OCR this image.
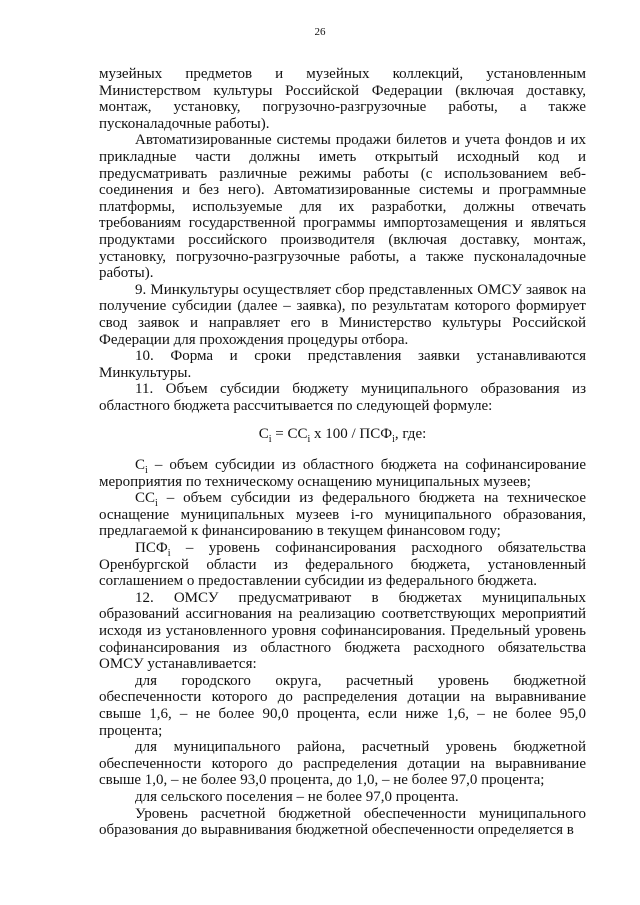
26

музейных предметов и музейных коллекций, установленным Министерством культуры Российской Федерации (включая доставку, монтаж, установку, погрузочно-разгрузочные работы, а также пусконаладочные работы).

Автоматизированные системы продажи билетов и учета фондов и их прикладные части должны иметь открытый исходный код и предусматривать различные режимы работы (с использованием веб-соединения и без него). Автоматизированные системы и программные платформы, используемые для их разработки, должны отвечать требованиям государственной программы импортозамещения и являться продуктами российского производителя (включая доставку, монтаж, установку, погрузочно-разгрузочные работы, а также пусконаладочные работы).

9. Минкультуры осуществляет сбор представленных ОМСУ заявок на получение субсидии (далее – заявка), по результатам которого формирует свод заявок и направляет его в Министерство культуры Российской Федерации для прохождения процедуры отбора.

10. Форма и сроки представления заявки устанавливаются Минкультуры.

11. Объем субсидии бюджету муниципального образования из областного бюджета рассчитывается по следующей формуле:

$С_i = СС_i$ х $100 / ПСФ_i$, где:

$С_i$ – объем субсидии из областного бюджета на софинансирование мероприятия по техническому оснащению муниципальных музеев;

$СС_i$ – объем субсидии из федерального бюджета на техническое оснащение муниципальных музеев i-го муниципального образования, предлагаемой к финансированию в текущем финансовом году;

$ПСФ_i$ – уровень софинансирования расходного обязательства Оренбургской области из федерального бюджета, установленный соглашением о предоставлении субсидии из федерального бюджета.

12. ОМСУ предусматривают в бюджетах муниципальных образований ассигнования на реализацию соответствующих мероприятий исходя из установленного уровня софинансирования. Предельный уровень софинансирования из областного бюджета расходного обязательства ОМСУ устанавливается:

для городского округа, расчетный уровень бюджетной обеспеченности которого до распределения дотации на выравнивание свыше 1,6, – не более 90,0 процента, если ниже 1,6, – не более 95,0 процента;

для муниципального района, расчетный уровень бюджетной обеспеченности которого до распределения дотации на выравнивание свыше 1,0, – не более 93,0 процента, до 1,0, – не более 97,0 процента;

для сельского поселения – не более 97,0 процента.

Уровень расчетной бюджетной обеспеченности муниципального образования до выравнивания бюджетной обеспеченности определяется в
